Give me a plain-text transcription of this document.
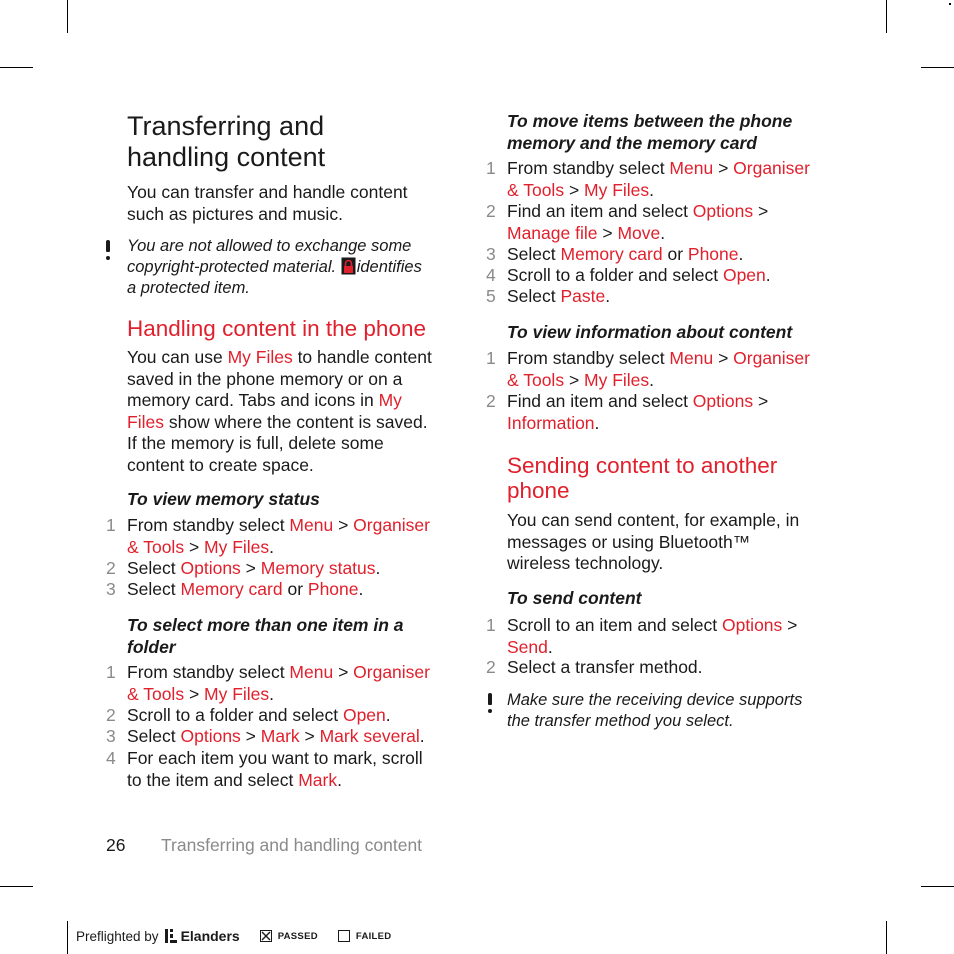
Transferring and
handling content
You can transfer and handle content
such as pictures and music.
You are not allowed to exchange some
copyright-protected material. identifies
a protected item.
Handling content in the phone
You can use My Files to handle content
saved in the phone memory or on a
memory card. Tabs and icons in My
Files show where the content is saved.
If the memory is full, delete some
content to create space.
To view memory status
1 From standby select Menu > Organiser
& Tools > My Files.
2 Select Options > Memory status.
3 Select Memory card or Phone.
To select more than one item in a
folder
1 From standby select Menu > Organiser
& Tools > My Files.
2 Scroll to a folder and select Open.
3 Select Options > Mark > Mark several.
4 For each item you want to mark, scroll
to the item and select Mark.
To move items between the phone
memory and the memory card
1 From standby select Menu > Organiser
& Tools > My Files.
2 Find an item and select Options >
Manage file > Move.
3 Select Memory card or Phone.
4 Scroll to a folder and select Open.
5 Select Paste.
To view information about content
1 From standby select Menu > Organiser
& Tools > My Files.
2 Find an item and select Options >
Information.
Sending content to another
phone
You can send content, for example, in
messages or using Bluetooth™
wireless technology.
To send content
1 Scroll to an item and select Options >
Send.
2 Select a transfer method.
Make sure the receiving device supports
the transfer method you select.
26 Transferring and handling content
Preflighted by Elanders	PASSED	FAILED
